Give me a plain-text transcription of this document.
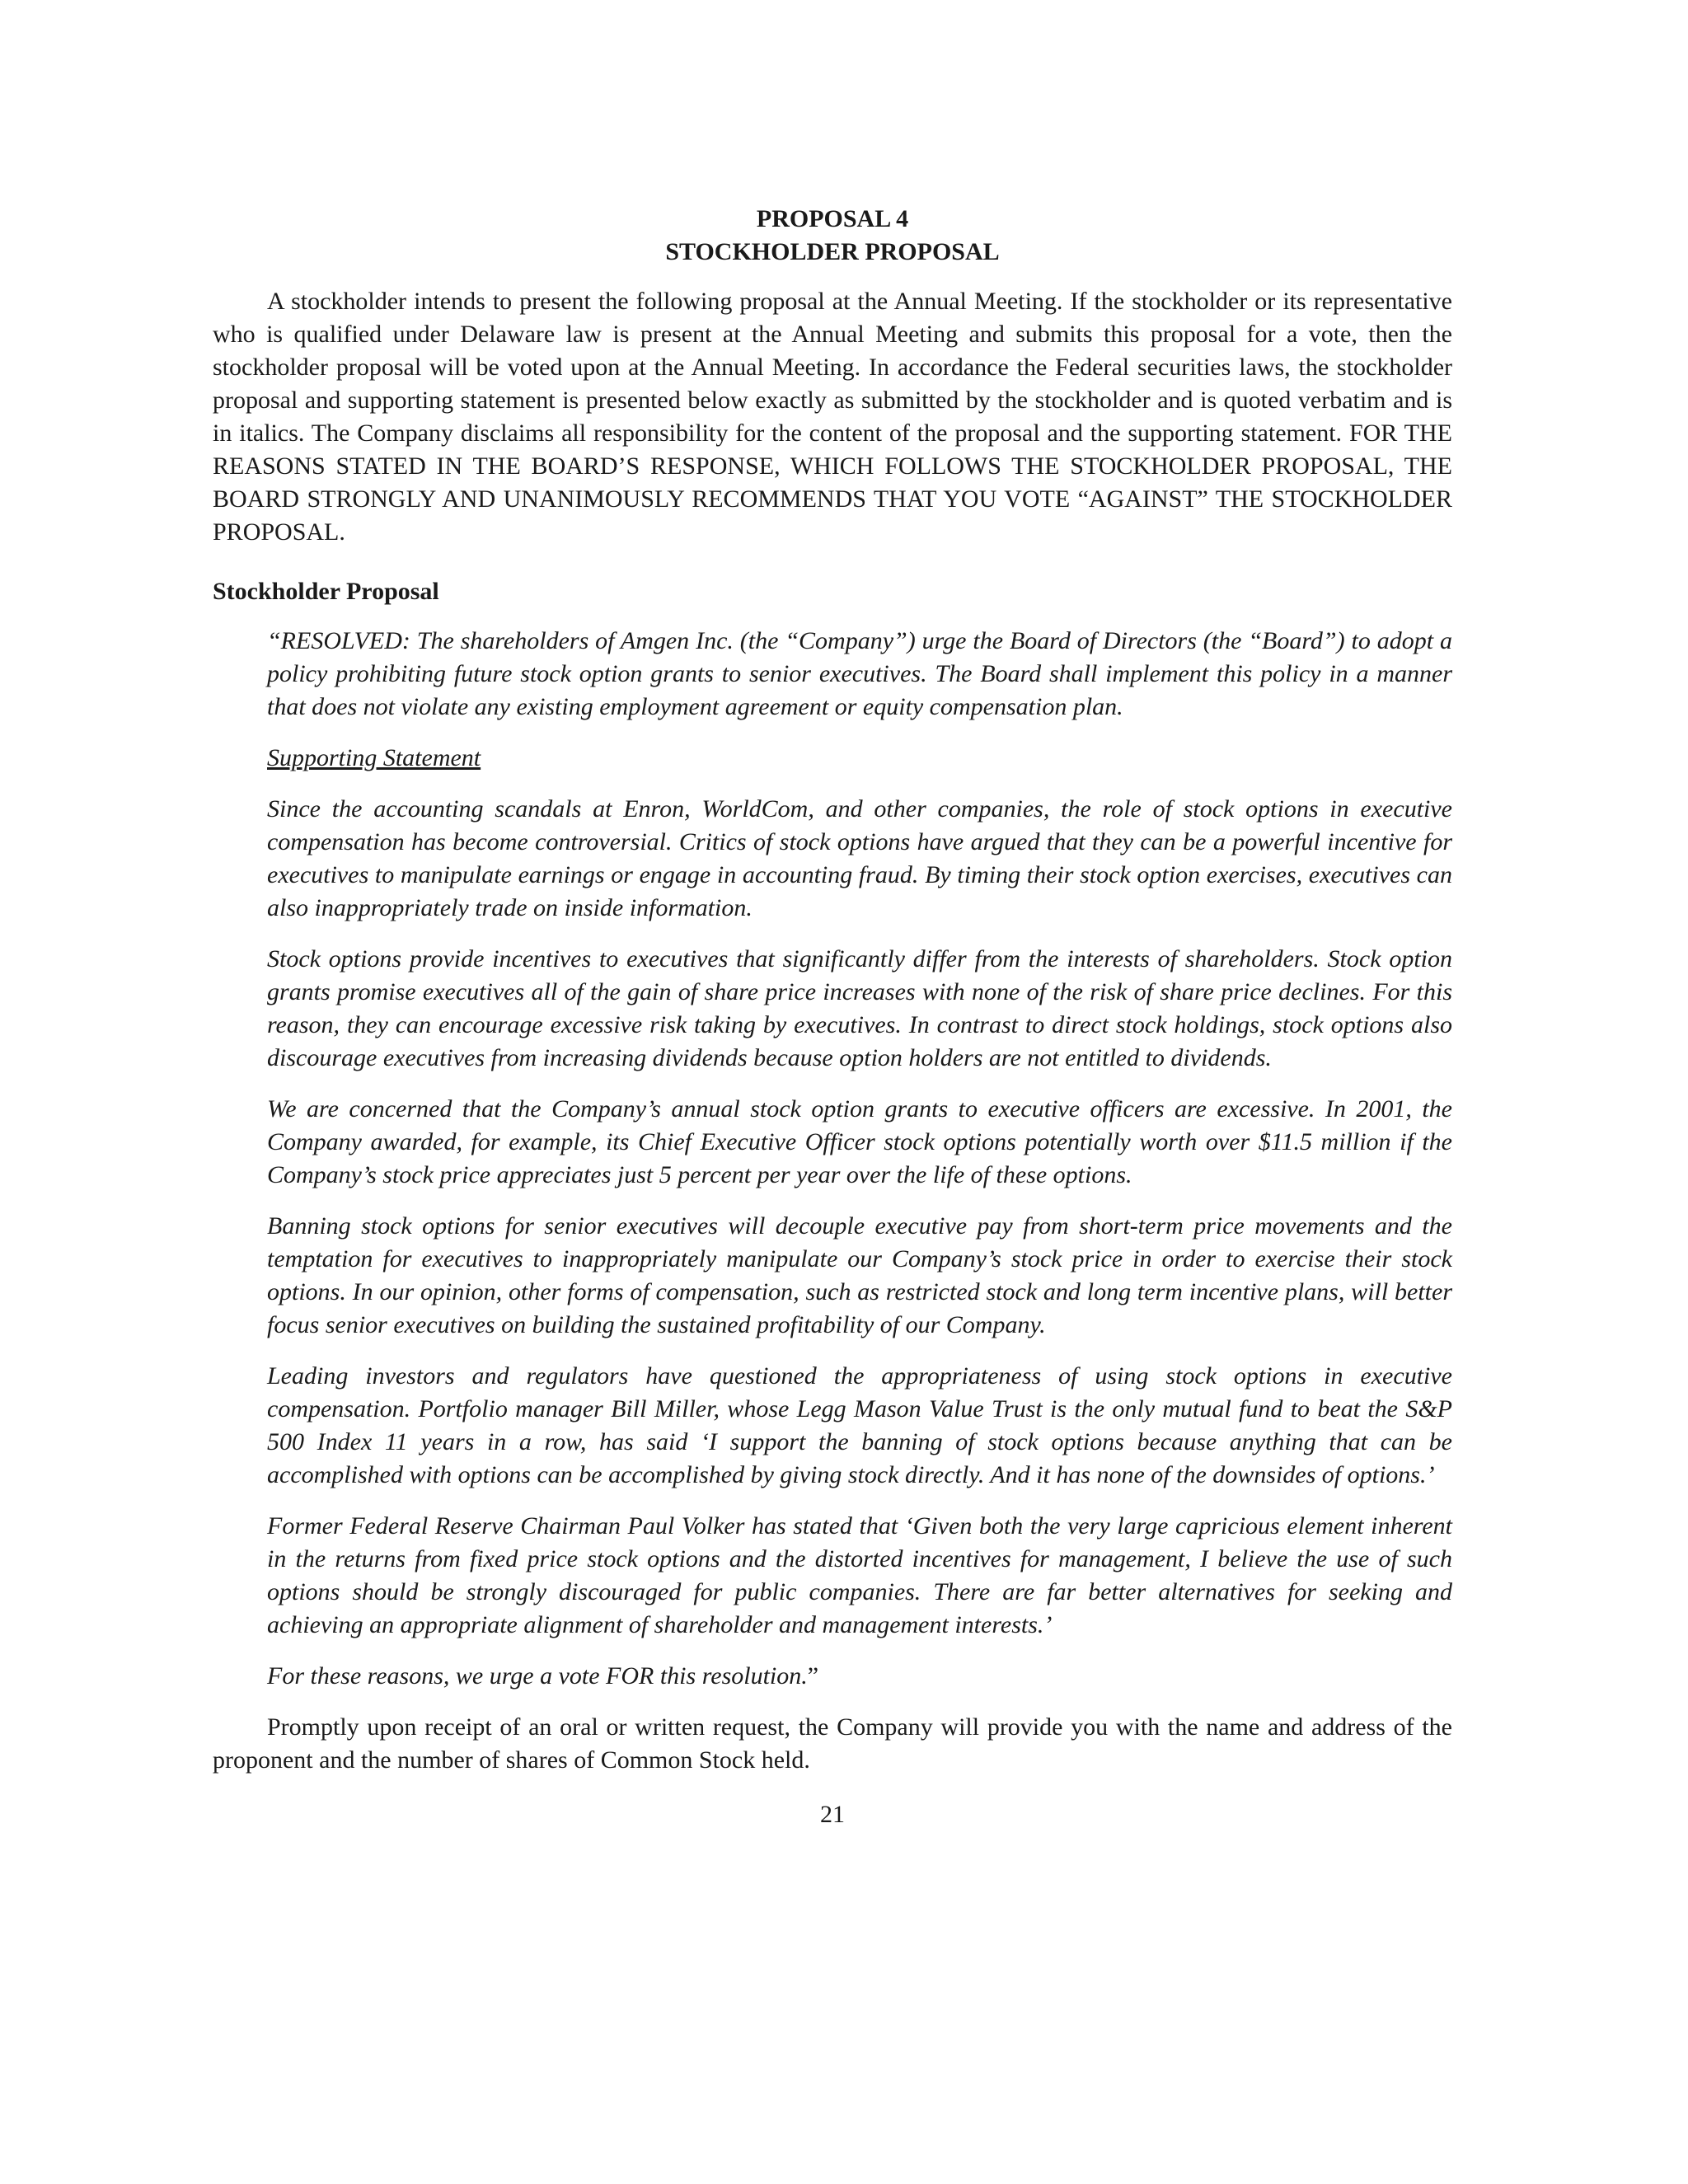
PROPOSAL 4

STOCKHOLDER PROPOSAL

A stockholder intends to present the following proposal at the Annual Meeting. If the stockholder or its representative who is qualified under Delaware law is present at the Annual Meeting and submits this proposal for a vote, then the stockholder proposal will be voted upon at the Annual Meeting. In accordance the Federal securities laws, the stockholder proposal and supporting statement is presented below exactly as submitted by the stockholder and is quoted verbatim and is in italics. The Company disclaims all responsibility for the content of the proposal and the supporting statement. FOR THE REASONS STATED IN THE BOARD’S RESPONSE, WHICH FOLLOWS THE STOCKHOLDER PROPOSAL, THE BOARD STRONGLY AND UNANIMOUSLY RECOMMENDS THAT YOU VOTE “AGAINST” THE STOCKHOLDER PROPOSAL.

Stockholder Proposal

“RESOLVED: The shareholders of Amgen Inc. (the “Company”) urge the Board of Directors (the “Board”) to adopt a policy prohibiting future stock option grants to senior executives. The Board shall implement this policy in a manner that does not violate any existing employment agreement or equity compensation plan.

Supporting Statement

Since the accounting scandals at Enron, WorldCom, and other companies, the role of stock options in executive compensation has become controversial. Critics of stock options have argued that they can be a powerful incentive for executives to manipulate earnings or engage in accounting fraud. By timing their stock option exercises, executives can also inappropriately trade on inside information.

Stock options provide incentives to executives that significantly differ from the interests of shareholders. Stock option grants promise executives all of the gain of share price increases with none of the risk of share price declines. For this reason, they can encourage excessive risk taking by executives. In contrast to direct stock holdings, stock options also discourage executives from increasing dividends because option holders are not entitled to dividends.

We are concerned that the Company’s annual stock option grants to executive officers are excessive. In 2001, the Company awarded, for example, its Chief Executive Officer stock options potentially worth over $11.5 million if the Company’s stock price appreciates just 5 percent per year over the life of these options.

Banning stock options for senior executives will decouple executive pay from short-term price movements and the temptation for executives to inappropriately manipulate our Company’s stock price in order to exercise their stock options. In our opinion, other forms of compensation, such as restricted stock and long term incentive plans, will better focus senior executives on building the sustained profitability of our Company.

Leading investors and regulators have questioned the appropriateness of using stock options in executive compensation. Portfolio manager Bill Miller, whose Legg Mason Value Trust is the only mutual fund to beat the S&P 500 Index 11 years in a row, has said ‘I support the banning of stock options because anything that can be accomplished with options can be accomplished by giving stock directly. And it has none of the downsides of options.’

Former Federal Reserve Chairman Paul Volker has stated that ‘Given both the very large capricious element inherent in the returns from fixed price stock options and the distorted incentives for management, I believe the use of such options should be strongly discouraged for public companies. There are far better alternatives for seeking and achieving an appropriate alignment of shareholder and management interests.’

For these reasons, we urge a vote FOR this resolution.”

Promptly upon receipt of an oral or written request, the Company will provide you with the name and address of the proponent and the number of shares of Common Stock held.

21
